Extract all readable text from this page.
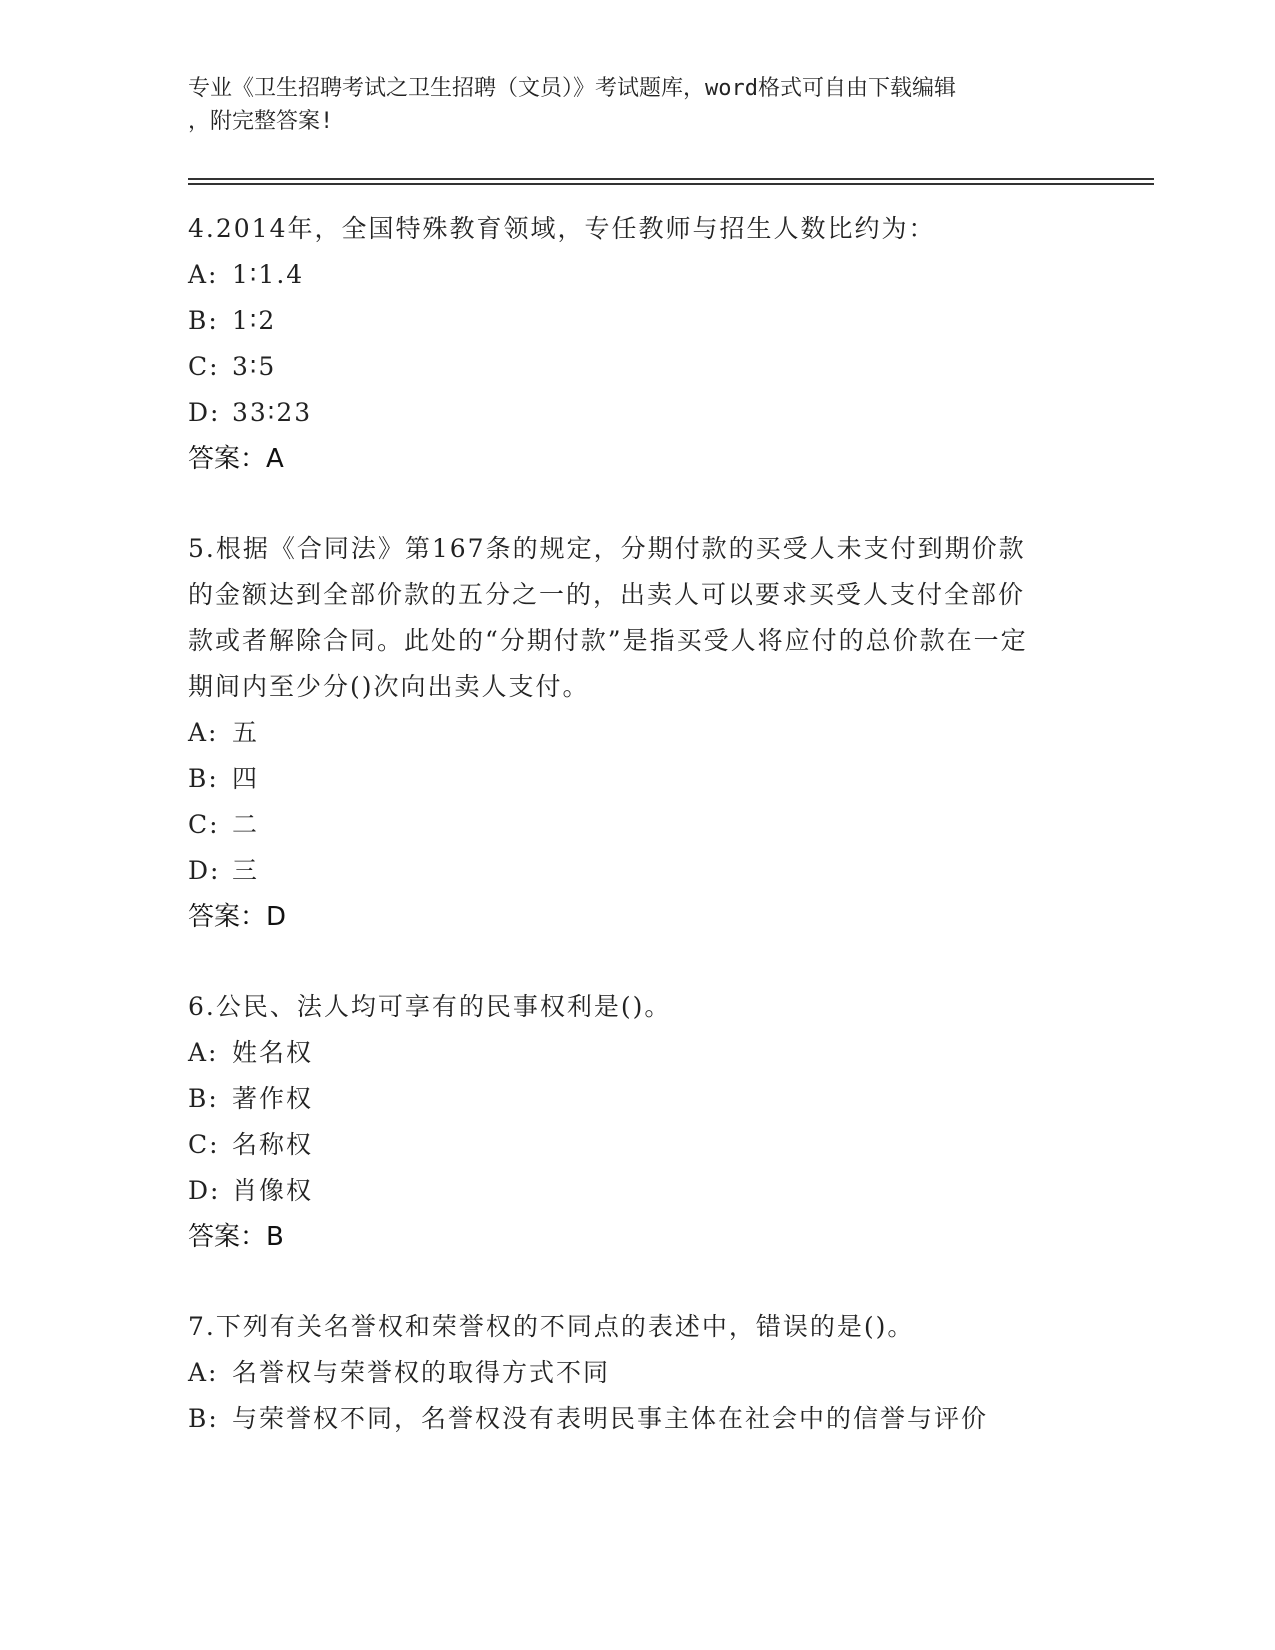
专业《卫生招聘考试之卫生招聘（文员）》考试题库，word格式可自由下载编辑
，附完整答案!
4.2014年，全国特殊教育领域，专任教师与招生人数比约为：
A: 1∶1.4
B: 1∶2
C: 3∶5
D: 33∶23
答案：A
5.根据《合同法》第167条的规定，分期付款的买受人未支付到期价款的金额达到全部价款的五分之一的，出卖人可以要求买受人支付全部价款或者解除合同。此处的“分期付款”是指买受人将应付的总价款在一定期间内至少分()次向出卖人支付。
A: 五
B: 四
C: 二
D: 三
答案：D
6.公民、法人均可享有的民事权利是()。
A: 姓名权
B: 著作权
C: 名称权
D: 肖像权
答案：B
7.下列有关名誉权和荣誉权的不同点的表述中，错误的是()。
A: 名誉权与荣誉权的取得方式不同
B: 与荣誉权不同，名誉权没有表明民事主体在社会中的信誉与评价
